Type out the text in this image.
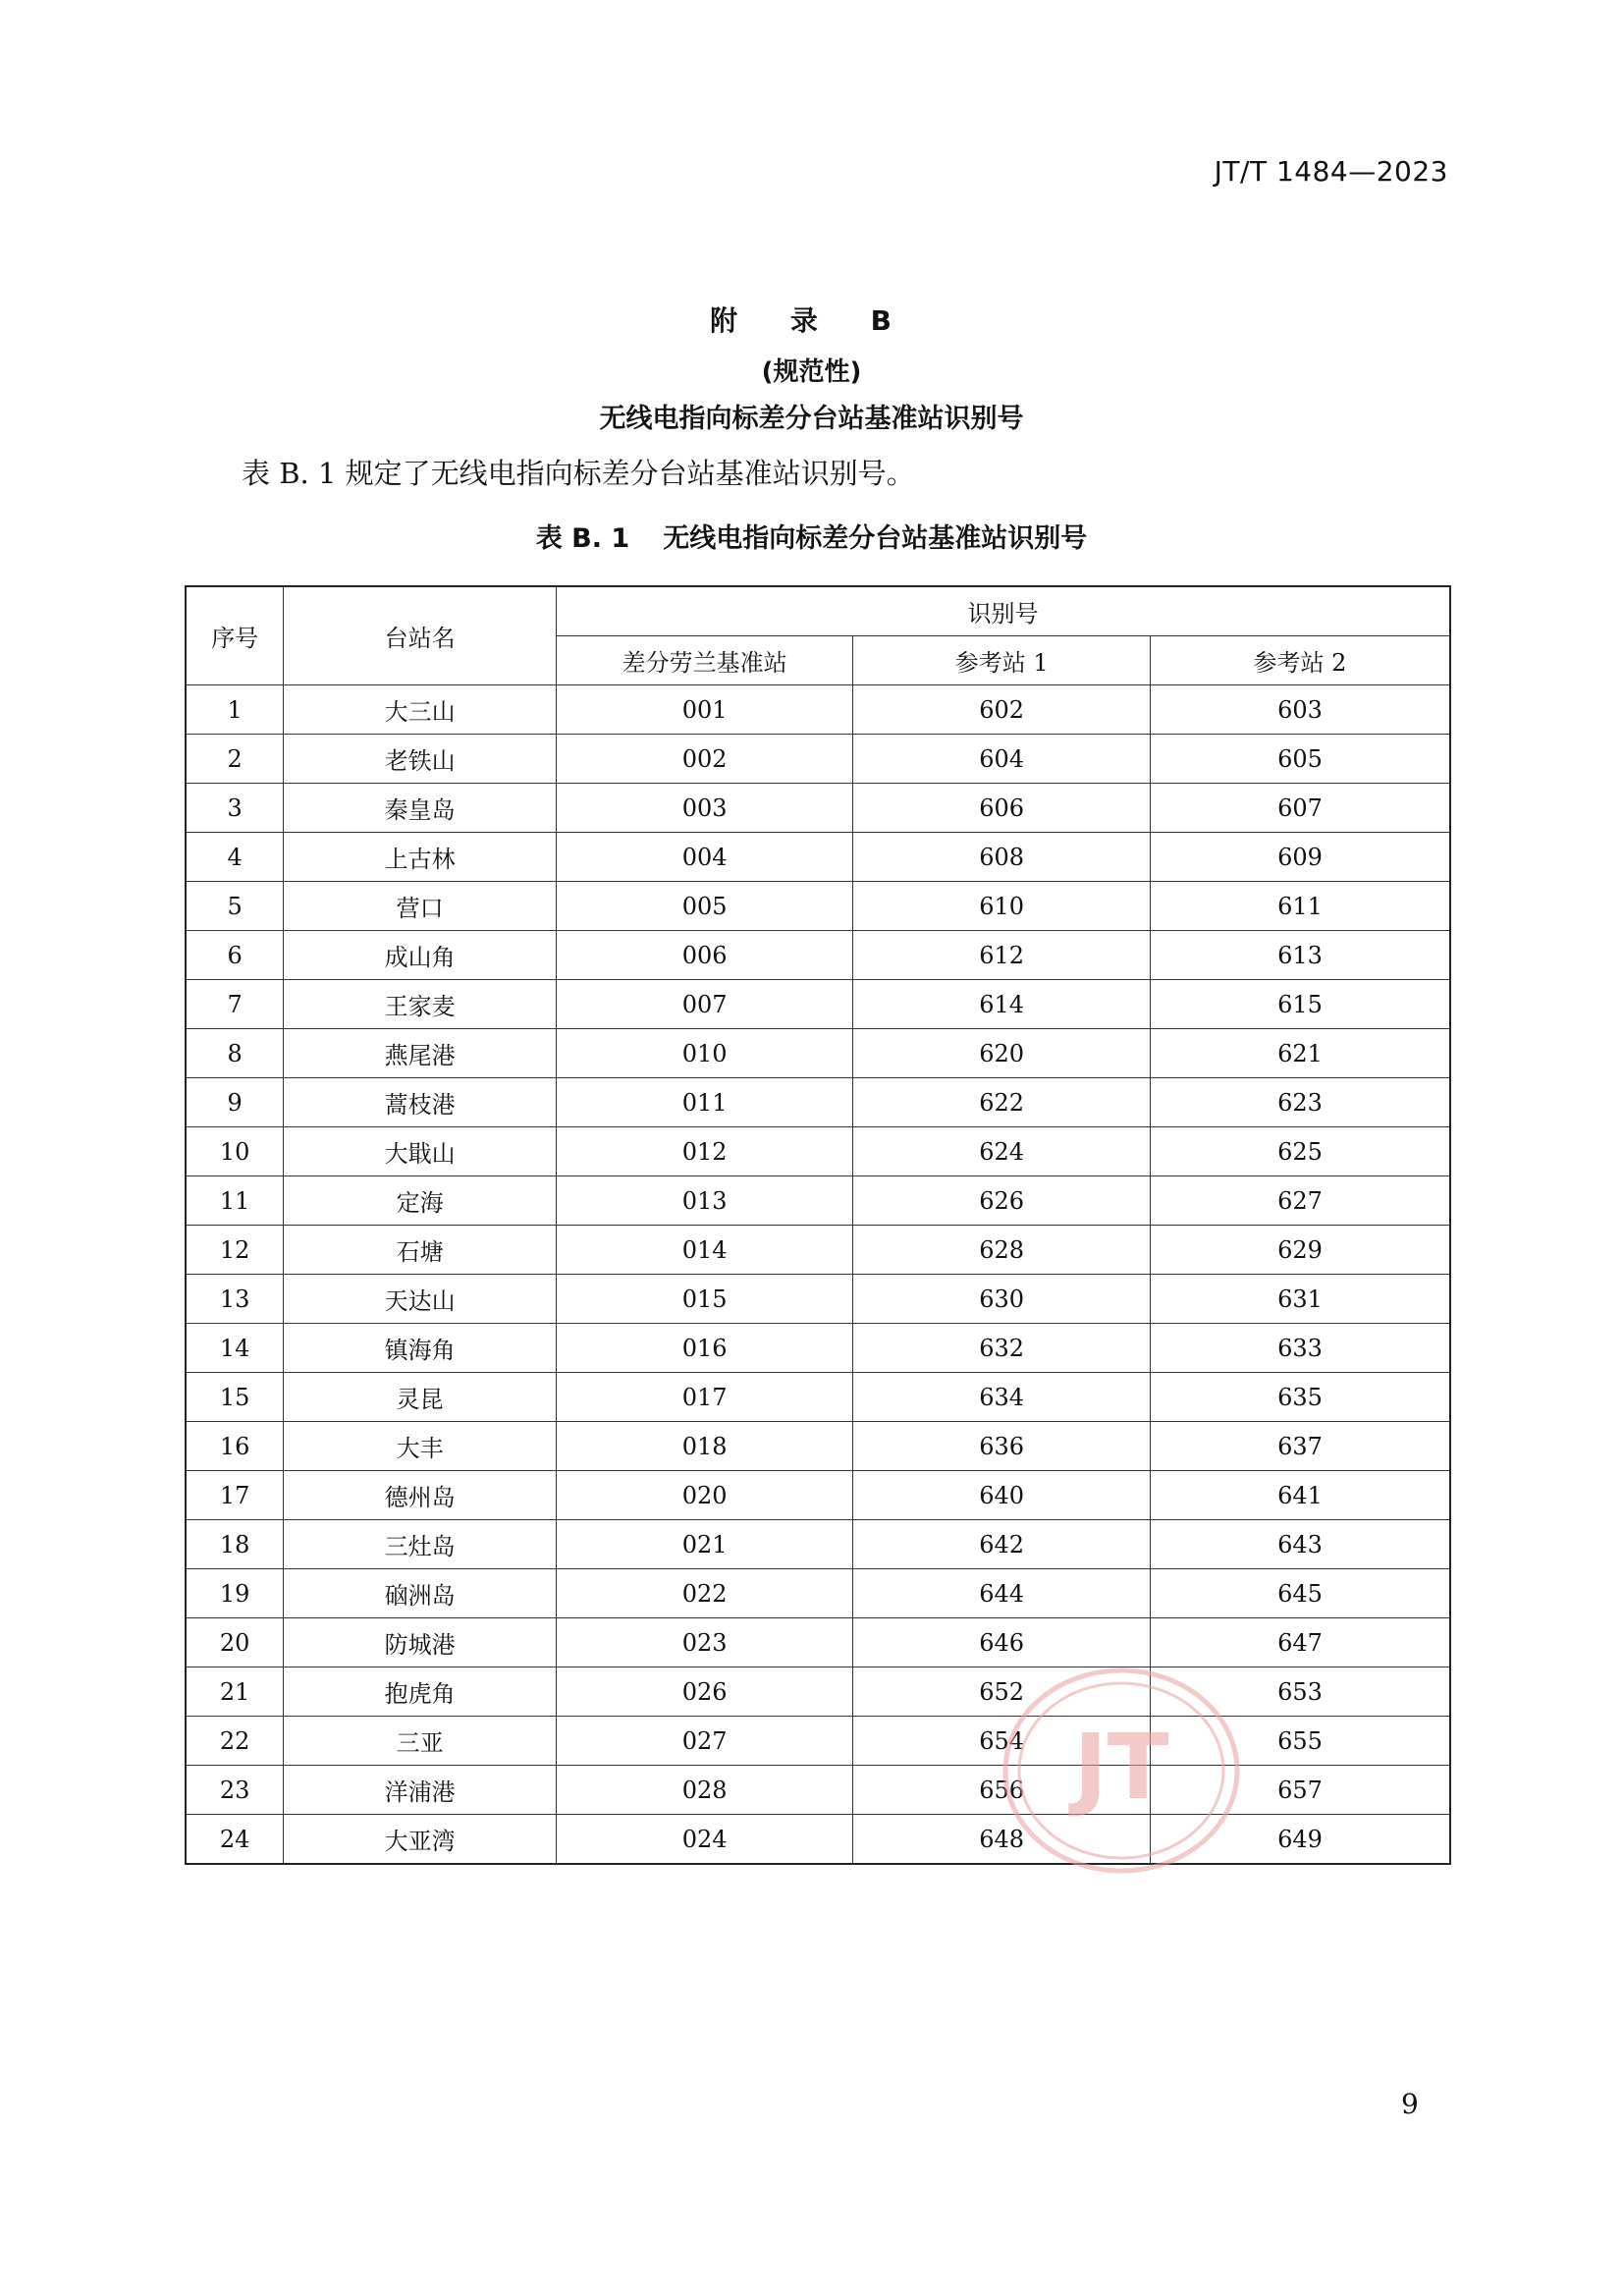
JT/T 1484—2023
附 录 B
(规范性)
无线电指向标差分台站基准站识别号
表 B. 1 规定了无线电指向标差分台站基准站识别号。
表 B. 1 无线电指向标差分台站基准站识别号
序号	台站名	识别号		
		差分劳兰基准站	参考站 1	参考站 2
1	大三山	001	602	603
2	老铁山	002	604	605
3	秦皇岛	003	606	607
4	上古林	004	608	609
5	营口	005	610	611
6	成山角	006	612	613
7	王家麦	007	614	615
8	燕尾港	010	620	621
9	蒿枝港	011	622	623
10	大戢山	012	624	625
11	定海	013	626	627
12	石塘	014	628	629
13	天达山	015	630	631
14	镇海角	016	632	633
15	灵昆	017	634	635
16	大丰	018	636	637
17	德州岛	020	640	641
18	三灶岛	021	642	643
19	硇洲岛	022	644	645
20	防城港	023	646	647
21	抱虎角	026	652	653
22	三亚	027	654	655
23	洋浦港	028	656	657
24	大亚湾	024	648	649
JT
9
